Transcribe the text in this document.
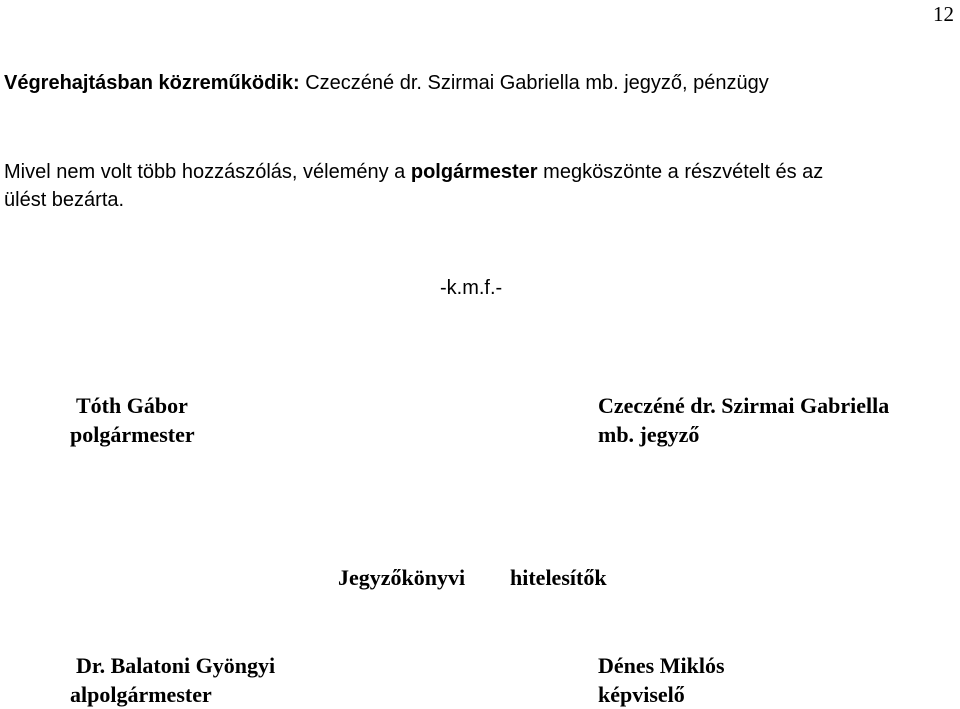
12
Végrehajtásban közreműködik: Czeczéné dr. Szirmai Gabriella mb. jegyző, pénzügy
Mivel nem volt több hozzászólás, vélemény a polgármester megköszönte a részvételt és az
ülést bezárta.
-k.m.f.-
Tóth Gábor
polgármester
Czeczéné dr. Szirmai Gabriella
mb. jegyző
Jegyzőkönyvi hitelesítők
Dr. Balatoni Gyöngyi
alpolgármester
Dénes Miklós
képviselő
